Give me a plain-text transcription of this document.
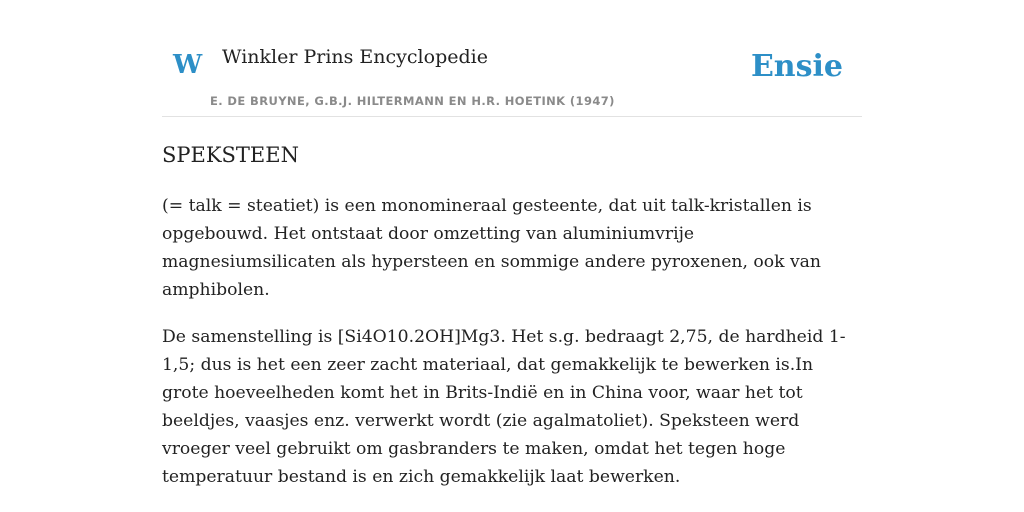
W Winkler Prins Encyclopedie
E. DE BRUYNE, G.B.J. HILTERMANN EN H.R. HOETINK (1947)
Ensie
SPEKSTEEN

(= talk = steatiet) is een monomineraal gesteente, dat uit talk-kristallen is opgebouwd. Het ontstaat door omzetting van aluminiumvrije magnesiumsilicaten als hypersteen en sommige andere pyroxenen, ook van amphibolen.

De samenstelling is [Si4O10.2OH]Mg3. Het s.g. bedraagt 2,75, de hardheid 1-1,5; dus is het een zeer zacht materiaal, dat gemakkelijk te bewerken is.In grote hoeveelheden komt het in Brits-Indië en in China voor, waar het tot beeldjes, vaasjes enz. verwerkt wordt (zie agalmatoliet). Speksteen werd vroeger veel gebruikt om gasbranders te maken, omdat het tegen hoge temperatuur bestand is en zich gemakkelijk laat bewerken.
